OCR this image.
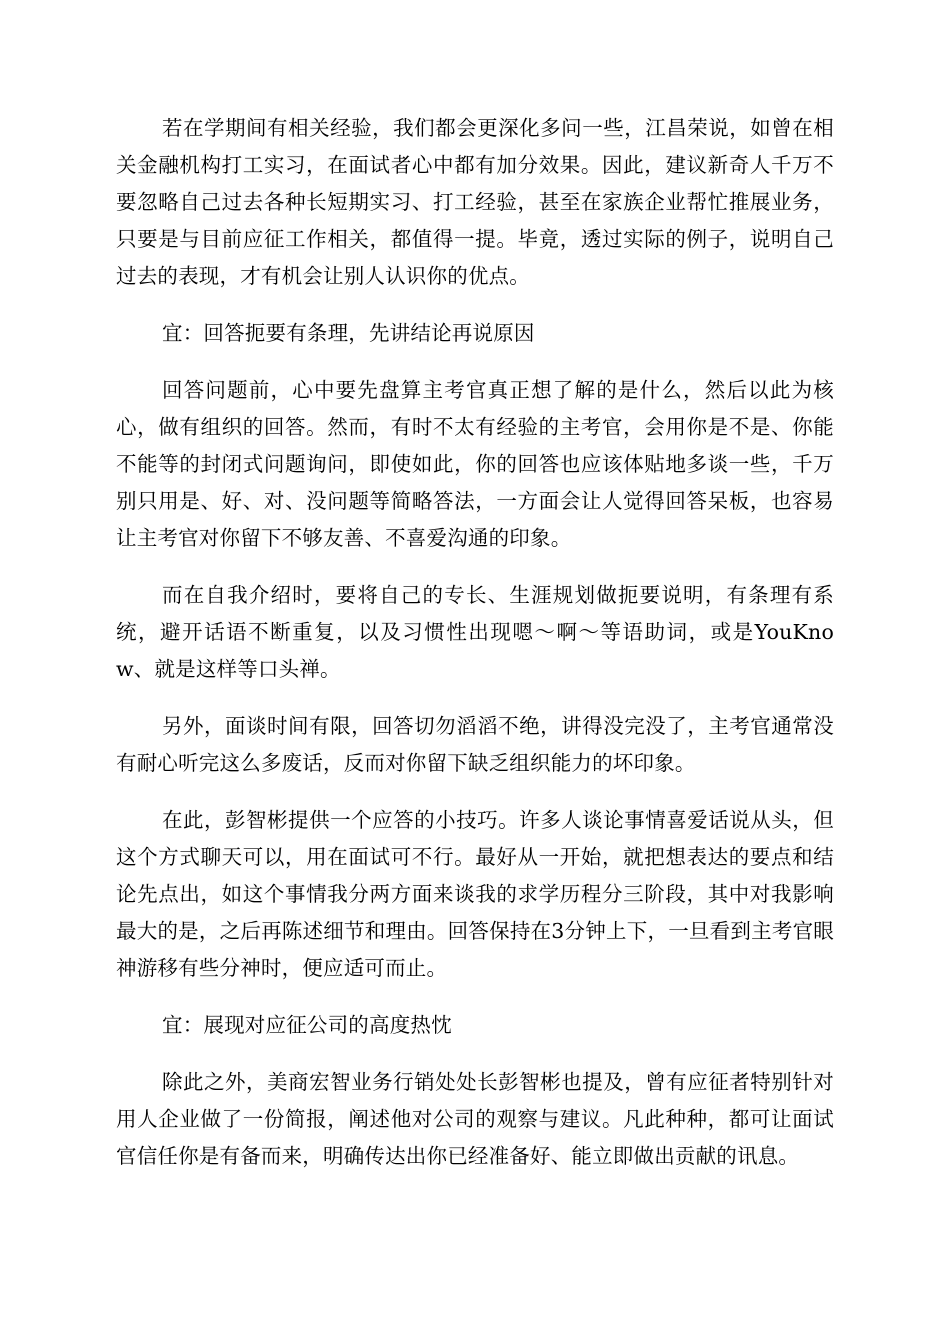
若在学期间有相关经验，我们都会更深化多问一些，江昌荣说，如曾在相关金融机构打工实习，在面试者心中都有加分效果。因此，建议新奇人千万不要忽略自己过去各种长短期实习、打工经验，甚至在家族企业帮忙推展业务，只要是与目前应征工作相关，都值得一提。毕竟，透过实际的例子，说明自己过去的表现，才有机会让别人认识你的优点。

宜：回答扼要有条理，先讲结论再说原因

回答问题前，心中要先盘算主考官真正想了解的是什么，然后以此为核心，做有组织的回答。然而，有时不太有经验的主考官，会用你是不是、你能不能等的封闭式问题询问，即使如此，你的回答也应该体贴地多谈一些，千万别只用是、好、对、没问题等简略答法，一方面会让人觉得回答呆板，也容易让主考官对你留下不够友善、不喜爱沟通的印象。

而在自我介绍时，要将自己的专长、生涯规划做扼要说明，有条理有系统，避开话语不断重复，以及习惯性出现嗯～啊～等语助词，或是YouKnow、就是这样等口头禅。

另外，面谈时间有限，回答切勿滔滔不绝，讲得没完没了，主考官通常没有耐心听完这么多废话，反而对你留下缺乏组织能力的坏印象。

在此，彭智彬提供一个应答的小技巧。许多人谈论事情喜爱话说从头，但这个方式聊天可以，用在面试可不行。最好从一开始，就把想表达的要点和结论先点出，如这个事情我分两方面来谈我的求学历程分三阶段，其中对我影响最大的是，之后再陈述细节和理由。回答保持在3分钟上下，一旦看到主考官眼神游移有些分神时，便应适可而止。

宜：展现对应征公司的高度热忱

除此之外，美商宏智业务行销处处长彭智彬也提及，曾有应征者特别针对用人企业做了一份简报，阐述他对公司的观察与建议。凡此种种，都可让面试官信任你是有备而来，明确传达出你已经准备好、能立即做出贡献的讯息。
